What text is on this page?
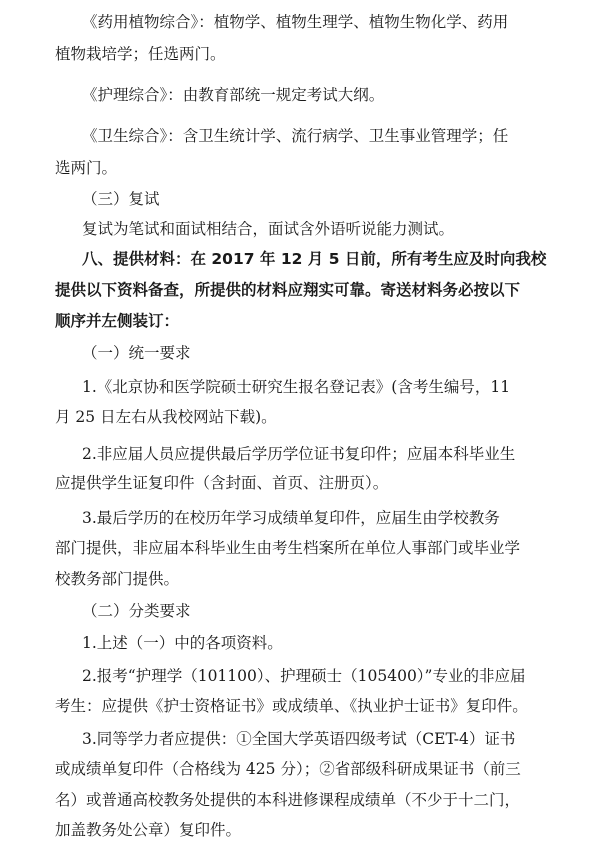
《药用植物综合》：植物学、植物生理学、植物生物化学、药用
植物栽培学；任选两门。
《护理综合》：由教育部统一规定考试大纲。
《卫生综合》：含卫生统计学、流行病学、卫生事业管理学；任
选两门。
（三）复试
复试为笔试和面试相结合，面试含外语听说能力测试。
八、提供材料：在 2017 年 12 月 5 日前，所有考生应及时向我校
提供以下资料备查，所提供的材料应翔实可靠。寄送材料务必按以下
顺序并左侧装订：
（一）统一要求
1.《北京协和医学院硕士研究生报名登记表》(含考生编号，11
月 25 日左右从我校网站下载)。
2.非应届人员应提供最后学历学位证书复印件；应届本科毕业生
应提供学生证复印件（含封面、首页、注册页）。
3.最后学历的在校历年学习成绩单复印件，应届生由学校教务
部门提供，非应届本科毕业生由考生档案所在单位人事部门或毕业学
校教务部门提供。
（二）分类要求
1.上述（一）中的各项资料。
2.报考“护理学（101100）、护理硕士（105400）”专业的非应届
考生：应提供《护士资格证书》或成绩单、《执业护士证书》复印件。
3.同等学力者应提供：①全国大学英语四级考试（CET-4）证书
或成绩单复印件（合格线为 425 分）；②省部级科研成果证书（前三
名）或普通高校教务处提供的本科进修课程成绩单（不少于十二门，
加盖教务处公章）复印件。
